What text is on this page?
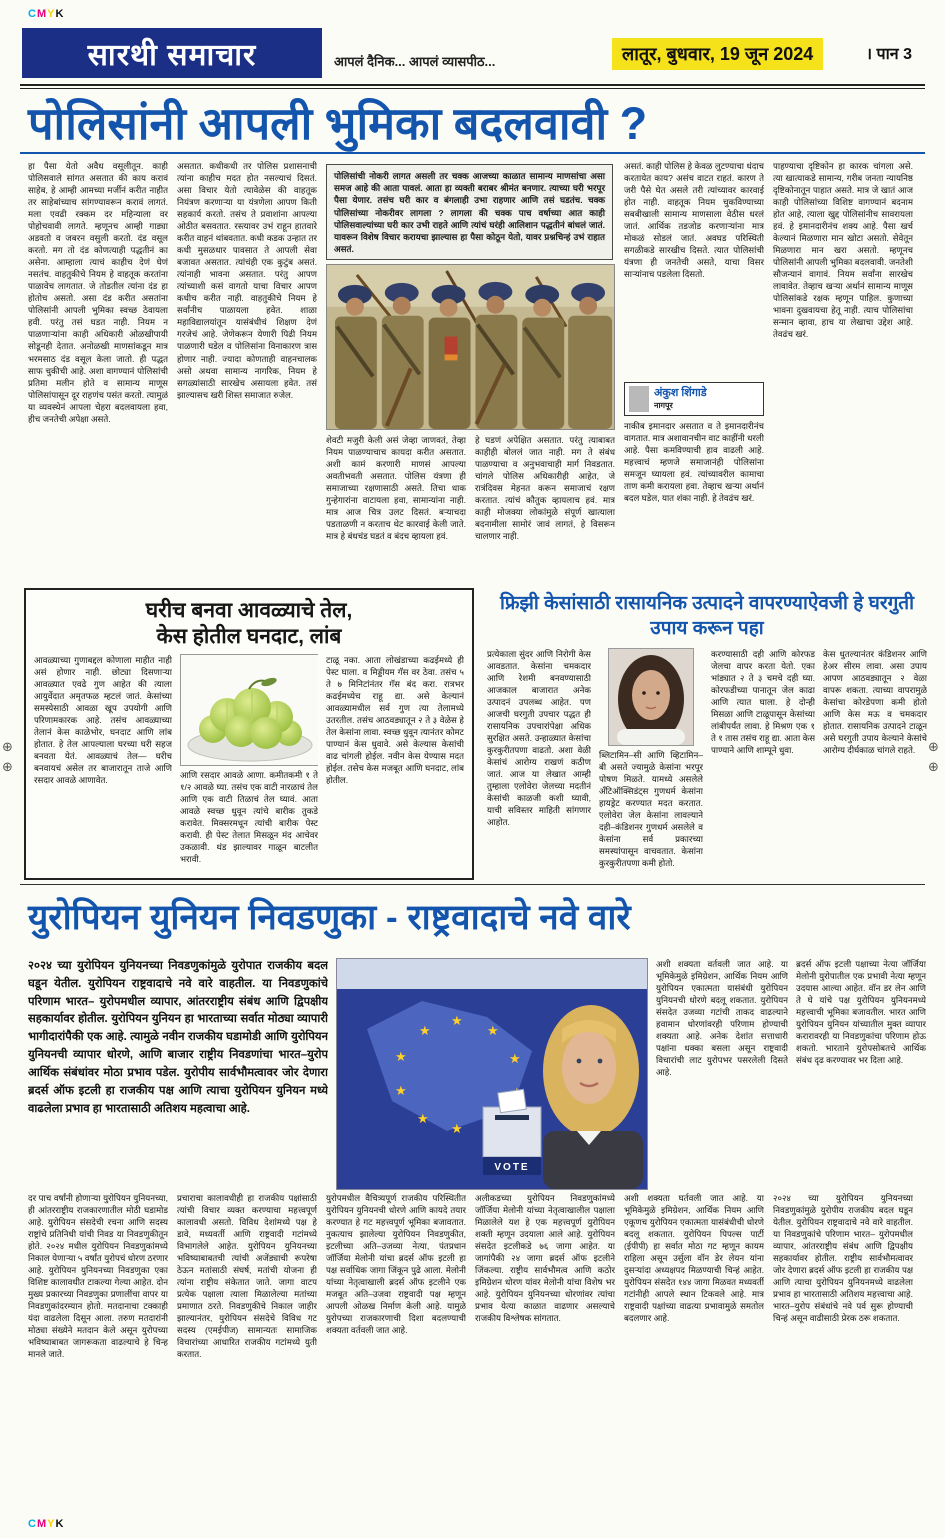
CMYK
⊕
⊕
⊕
⊕
सारथी समाचार	आपलं दैनिक... आपलं व्यासपीठ...	लातूर, बुधवार, 19 जून 2024	। पान 3
पोलिसांनी आपली भुमिका बदलवावी ?
हा पैसा येतो अवैध वसूलीतून. काही पोलिसवाले सांगत असतात की काय करावं साहेब, हे आम्ही आमच्या मर्जीनं करीत नाहीत तर साहेबांच्याच सांगण्यावरून करावं लागतं. मला एवढी रक्कम दर महिन्याला वर पोहोचवावी लागते. म्हणूनच आम्ही गाड्या अडवतो व जबरन वसुली करतो. दंड वसूल करतो. मग तो दंड कोणत्याही पद्धतीनं का असेना. आम्हाला त्याचं काहीच देणं घेणं नसतंच. वाहतुकीचे नियम हे वाहतूक करतांना पाळावेच लागतात. जे तोडतील त्यांना दंड हा होतोच असतो. असा दंड करीत असतांना पोलिसांनी आपली भुमिका स्वच्छ ठेवायला हवी. परंतु तसं घडत नाही. नियम न पाळणाऱ्यांना काही अधिकारी ओळखीपायी सोडूनही देतात. अनोळखी माणसांकडून मात्र भरमसाठ दंड वसूल केला जातो. ही पद्धत साफ चुकीची आहे. अशा वागण्यानं पोलिसांची प्रतिमा मलीन होते व सामान्य माणूस पोलिसांपासून दूर राहणंच पसंत करतो. त्यामुळं या व्यवस्थेनं आपला चेहरा बदलवायला हवा, हीच जनतेची अपेक्षा असते.
असतात. कधीकधी तर पोलिस प्रशासनाची त्यांना काहीच मदत होत नसल्याचं दिसतं. असा विचार येतो त्यावेळेस की वाहतूक नियंत्रण करणाऱ्या या यंत्रणेला आपण किती सहकार्य करतो. तसंच ते प्रवाशांना आपल्या ओठीत बसवतात. रस्त्यावर उभं राहून हातवारे करीत वाहनं थांबवतात. कधी कडक उन्हात तर कधी मुसळधार पावसात ते आपली सेवा बजावत असतात. त्यांचंही एक कुटुंब असतं. त्यांनाही भावना असतात. परंतु आपण त्यांच्याशी कसं वागतो याचा विचार आपण कधीच करीत नाही. वाहतुकीचे नियम हे सर्वांनीच पाळायला हवेत. शाळा महाविद्यालयांतून यासंबंधीचं शिक्षण देणं गरजेचं आहे. जेणेकरून येणारी पिढी नियम पाळणारी घडेल व पोलिसांना विनाकारण त्रास होणार नाही. ज्यादा कोणताही वाहनचालक असो अथवा सामान्य नागरिक, नियम हे सगळ्यांसाठी सारखेच असायला हवेत. तसं झाल्यासच खरी शिस्त समाजात रुजेल.
पोलिसांची नोकरी लागत असली तर चक्क आजच्या काळात सामान्य माणसांचा असा समज आहे की आता पावलं. आता हा व्यक्ती बराबर श्रीमंत बनणार. त्याच्या घरी भरपूर पैसा येणार. तसंच घरी कार व बंगलाही उभा राहणार आणि तसं घडतंच. चक्क पोलिसांच्या नोकरीवर लागला ? लागला की चक्क पाच वर्षाच्या आत काही पोलिसवाल्यांच्या घरी कार उभी राहते आणि त्यांचं घरंही आलिशान पद्धतीनं बांधलं जातं. यावरून विशेष विचार करायचा झाल्यास हा पैसा कोठून येतो, यावर प्रश्नचिन्हं उभं राहात असतं.
शेवटी मजुरी केली असं जेव्हा जाणवतं, तेव्हा नियम पाळण्याचाच कायदा करीत असतात. अशी कामं करणारी माणसं आपल्या अवतीभवती असतात. पोलिस यंत्रणा ही समाजाच्या रक्षणासाठी असते. तिचा धाक गुन्हेगारांना वाटायला हवा, सामान्यांना नाही. मात्र आज चित्र उलट दिसतं. बऱ्याचदा पडताळणी न करताच थेट कारवाई केली जाते. मात्र हे बंधचंड घडतं व बंदच व्हायला हवं.
हे घडणं अपेक्षित असतात. परंतु त्याबाबत काहीही बोललं जात नाही. मग ते संबंध पाळण्याचा व अनुभवाचाही मार्ग निवडतात. चांगले पोलिस अधिकारीही आहेत, जे रात्रंदिवस मेहनत करून समाजाचं रक्षण करतात. त्यांचं कौतुक व्हायलाच हवं. मात्र काही मोजक्या लोकांमुळे संपूर्ण खात्याला बदनामीला सामोरं जावं लागतं, हे विसरून चालणार नाही.
असतं. काही पोलिस हे केवळ लुटण्याचा धंदाच करतायेत काय? असंच वाटत राहतं. कारण ते जरी पैसे घेत असले तरी त्यांच्यावर कारवाई होत नाही. वाहतूक नियम चुकविण्याच्या सबबीखाली सामान्य माणसाला वेठीस धरलं जातं. आर्थिक तडजोड करणाऱ्यांना मात्र मोकळं सोडलं जातं. अवघड परिस्थिती सगळीकडे सारखीच दिसते. त्यात पोलिसांची यंत्रणा ही जनतेची असते, याचा विसर साऱ्यांनाच पडलेला दिसतो.
अंकुश शिंगाडे
नागपूर
नाकीब इमानदार असतात व ते इमानदारीनंच वागतात. मात्र अशावानचीन वाट काहींनी धरली आहे. पैसा कमविण्याची हाव वाढली आहे. महत्त्वाचं म्हणजे समाजानंही पोलिसांना समजून घ्यायला हवं. त्यांच्यावरील कामाचा ताण कमी करायला हवा. तेव्हाच खऱ्या अर्थानं बदल घडेल, यात शंका नाही. हे तेवढंच खरं.
पाहण्याचा दृष्टिकोन हा कारक चांगला असे. त्या खात्याकडे सामान्य, गरीब जनता न्यायनिष्ठ दृष्टिकोनातून पाहात असते. मात्र जे खातं आज काही पोलिसांच्या विशिष्ट वागण्यानं बदनाम होत आहे, त्याला खुद्द पोलिसांनीच सावरायला हवं. हे इमानदारीनंच शक्य आहे. पैसा खर्च केल्यानं मिळणारा मान खोटा असतो. सेवेतून मिळणारा मान खरा असतो. म्हणूनच पोलिसांनी आपली भुमिका बदलवावी. जनतेशी सौजन्यानं वागावं. नियम सर्वांना सारखेच लावावेत. तेव्हाच खऱ्या अर्थानं सामान्य माणूस पोलिसांकडे रक्षक म्हणून पाहिल. कुणाच्या भावना दुखवायचा हेतू नाही. त्याच पोलिसांचा सन्मान व्हावा, हाच या लेखाचा उद्देश आहे. तेवढंच खरं.
घरीच बनवा आवळ्याचे तेल,
केस होतील घनदाट, लांब
आवळ्याच्या गुणाबद्दल कोणाला माहीत नाही असं होणार नाही. छोट्या दिसणाऱ्या आवळ्यात एवढे गुण आहेत की त्याला आयुर्वेदात अमृतफळ म्हटलं जातं. केसांच्या समस्येसाठी आवळा खूप उपयोगी आणि परिणामकारक आहे. तसंच आवळ्याच्या तेलानं केस काळेभोर, घनदाट आणि लांब होतात. हे तेल आपल्याला घरच्या घरी सहज बनवता येतं. आवळ्याचं तेल— घरीच बनवायचं असेल तर बाजारातून ताजे आणि रसदार आवळे आणावेत.
आणि रसदार आवळे आणा. कमीतकमी १ ते १/२ आवळे घ्या. तसंच एक वाटी नारळाचं तेल आणि एक वाटी तिळाचं तेल घ्यावं. आता आवळे स्वच्छ धुवून त्यांचे बारीक तुकडे करावेत. मिक्सरमधून त्यांची बारीक पेस्ट करावी. ही पेस्ट तेलात मिसळून मंद आचेवर उकळावी. थंड झाल्यावर गाळून बाटलीत भरावी.
टाळू नका. आता लोखंडाच्या कढईमध्ये ही पेस्ट घाला. व मिड्डीयम गॅस वर ठेवा. तसंच ५ ते ७ मिनिटांनंतर गॅस बंद करा. रात्रभर कढईमध्येच राहू द्या. असे केल्यानं आवळ्यामधील सर्व गुण त्या तेलामध्ये उतरतील. तसंच आठवड्यातून २ ते ३ वेळेस हे तेल केसांना लावा. स्वच्छ धुवून त्यानंतर कोमट पाण्यानं केस धुवावे. असे केल्यास केसांची वाढ चांगली होईल. नवीन केस येण्यास मदत होईल. तसेच केस मजबूत आणि घनदाट, लांब होतील.
फ्रिझी केसांसाठी रासायनिक उत्पादने वापरण्याऐवजी हे घरगुती उपाय करून पहा
प्रत्येकाला सुंदर आणि निरोगी केस आवडतात. केसांना चमकदार आणि रेशमी बनवण्यासाठी आजकाल बाजारात अनेक उत्पादनं उपलब्ध आहेत. पण आजची घरगुती उपचार पद्धत ही रासायनिक उपचारांपेक्षा अधिक सुरक्षित असते. उन्हाळ्यात केसांचा कुरकुरीतपणा वाढतो. अशा वेळी केसांचं आरोग्य राखणं कठीण जातं. आज या लेखात आम्ही तुम्हाला एलोवेरा जेलच्या मदतीनं केसांची काळजी कशी घ्यावी, याची सविस्तर माहिती सांगणार आहोत.
ब्लिटामिन–सी आणि व्हिटामिन–बी असते ज्यामुळे केसांना भरपूर पोषण मिळते. यामध्ये असलेले अँटिऑक्सिडंट्स गुणधर्म केसांना हायड्रेट करण्यात मदत करतात. एलोवेरा जेल केसांना लावल्याने दही–कंडिशनर गुणधर्म असलेले व केसांना सर्व प्रकारच्या समस्यांपासून वाचवतात. केसांना कुरकुरीतपणा कमी होतो.
करण्यासाठी दही आणि कोरफड जेलचा वापर करता येतो. एका भांड्यात २ ते ३ चमचे दही घ्या. कोरफडीच्या पानातून जेल काढा आणि त्यात घाला. हे दोन्ही मिसळा आणि टाळूपासून केसांच्या लांबीपर्यंत लावा. हे मिश्रण एक १ ते १ तास तसंच राहू द्या. आता केस पाण्याने आणि शाम्पूने धुवा.
केस धुतल्यानंतर कंडिशनर आणि हेअर सीरम लावा. असा उपाय आपण आठवड्यातून २ वेळा वापरू शकता. त्याच्या वापरामुळे केसांचा कोरडेपणा कमी होतो आणि केस मऊ व चमकदार होतात. रासायनिक उत्पादने टाळून असे घरगुती उपाय केल्याने केसांचे आरोग्य दीर्घकाळ चांगले राहते.
युरोपियन युनियन निवडणुका - राष्ट्रवादाचे नवे वारे
२०२४ च्या युरोपियन युनियनच्या निवडणुकांमुळे युरोपात राजकीय बदल घडून येतील. युरोपियन राष्ट्रवादाचे नवे वारे वाहतील. या निवडणुकांचे परिणाम भारत– युरोपमधील व्यापार, आंतरराष्ट्रीय संबंध आणि द्विपक्षीय सहकार्यावर होतील. युरोपियन युनियन हा भारताच्या सर्वात मोठ्या व्यापारी भागीदारांपैकी एक आहे. त्यामुळे नवीन राजकीय घडामोडी आणि युरोपियन युनियनची व्यापार धोरणे, आणि बाजार राष्ट्रीय निवडणांचा भारत–युरोप आर्थिक संबंधांवर मोठा प्रभाव पडेल. युरोपीय सार्वभौमत्वावर जोर देणारा ब्रदर्स ऑफ इटली हा राजकीय पक्ष आणि त्याचा युरोपियन युनियन मध्ये वाढलेला प्रभाव हा भारतासाठी अतिशय महत्वाचा आहे.
★
★
★
★
★
★
★
★
VOTE
अशी शक्यता वर्तवली जात आहे. या भूमिकेमुळे इमिग्रेशन, आर्थिक नियम आणि युरोपियन एकात्मता यासंबंधी युरोपियन युनियनची धोरणे बदलू शकतात. युरोपियन संसदेत उजव्या गटांची ताकद वाढल्याने हवामान धोरणांवरही परिणाम होण्याची शक्यता आहे. अनेक देशांत सत्ताधारी पक्षांना धक्का बसला असून राष्ट्रवादी विचारांची लाट युरोपभर पसरलेली दिसते आहे.
ब्रदर्स ऑफ इटली पक्षाच्या नेत्या जॉर्जिया मेलोनी युरोपातील एक प्रभावी नेत्या म्हणून उदयास आल्या आहेत. वॉन डर लेन आणि ते घे यांचे पक्ष युरोपियन युनियनमध्ये महत्त्वाची भूमिका बजावतील. भारत आणि युरोपियन युनियन यांच्यातील मुक्त व्यापार करारावरही या निवडणुकांचा परिणाम होऊ शकतो. भारताने युरोपसोबतचे आर्थिक संबंध दृढ करण्यावर भर दिला आहे.
दर पाच वर्षांनी होणाऱ्या युरोपियन युनियनच्या, ही आंतरराष्ट्रीय राजकारणातील मोठी घडामोड आहे. युरोपियन संसदेची रचना आणि सदस्य राष्ट्रांचे प्रतिनिधी यांची निवड या निवडणुकीतून होते. २०२४ मधील युरोपियन निवडणुकांमध्ये निकाल येणाऱ्या ५ वर्षांत युरोपचं धोरण ठरणार आहे. युरोपियन युनियनच्या निवडणुका एका विशिष्ट कालावधीत टाकल्या गेल्या आहेत. दोन मुख्य प्रकारच्या निवडणुका प्रणालींचा वापर या निवडणुकांदरम्यान होतो. मतदानाचा टक्काही यंदा वाढलेला दिसून आला. तरुण मतदारांनी मोठ्या संख्येने मतदान केले असून युरोपच्या भविष्याबाबत जागरूकता वाढल्याचे हे चिन्ह मानले जाते.
प्रचाराचा कालावधीही हा राजकीय पक्षांसाठी त्यांची विचार व्यक्त करण्याचा महत्त्वपूर्ण कालावधी असतो. विविध देशांमध्ये पक्ष हे डावे, मध्यवर्ती आणि राष्ट्रवादी गटांमध्ये विभागलेले आहेत. युरोपियन युनियनच्या भविष्याबाबतची त्यांची अजेंड्याची रूपरेषा ठेऊन मतांसाठी संघर्ष, मतांची योजना ही त्यांना राष्ट्रीय संकेतात जाते. जागा वाटप प्रत्येक पक्षाला त्याला मिळालेल्या मतांच्या प्रमाणात ठरते. निवडणुकीचे निकाल जाहीर झाल्यानंतर, युरोपियन संसदेचे विविध गट सदस्य (एमईपीज) सामान्यतः सामाजिक विचारांच्या आधारित राजकीय गटांमध्ये युती करतात.
युरोपमधील वैचित्र्यपूर्ण राजकीय परिस्थितीत युरोपियन युनियनची धोरणे आणि कायदे तयार करण्यात हे गट महत्त्वपूर्ण भूमिका बजावतात. नुकत्याच झालेल्या युरोपियन निवडणुकीत, इटलीच्या अति–उजव्या नेत्या, पंतप्रधान जॉर्जिया मेलोनी यांचा ब्रदर्स ऑफ इटली हा पक्ष सर्वाधिक जागा जिंकून पुढे आला. मेलोनी यांच्या नेतृत्वाखाली ब्रदर्स ऑफ इटलीने एक मजबूत अति–उजवा राष्ट्रवादी पक्ष म्हणून आपली ओळख निर्माण केली आहे. यामुळे युरोपच्या राजकारणाची दिशा बदलण्याची शक्यता वर्तवली जात आहे.
अलीकडच्या युरोपियन निवडणुकांमध्ये जॉर्जिया मेलोनी यांच्या नेतृत्वाखालील पक्षाला मिळालेले यश हे एक महत्त्वपूर्ण युरोपियन शक्ती म्हणून उदयाला आले आहे. युरोपियन संसदेत इटलीकडे ७६ जागा आहेत. या जागांपैकी २४ जागा ब्रदर्स ऑफ इटलीने जिंकल्या. राष्ट्रीय सार्वभौमत्व आणि कठोर इमिग्रेशन धोरण यांवर मेलोनी यांचा विशेष भर आहे. युरोपियन युनियनच्या धोरणांवर त्यांचा प्रभाव येत्या काळात वाढणार असल्याचे राजकीय विश्लेषक सांगतात.
अशी शक्यता घर्तवली जात आहे. या भूमिकेमुळे इमिग्रेशन, आर्थिक नियम आणि एकूणच युरोपियन एकात्मता यासंबंधीची धोरणे बदलू शकतात. युरोपियन पिपल्स पार्टी (ईपीपी) हा सर्वात मोठा गट म्हणून कायम राहिला असून उर्सुला वॉन डेर लेयन यांना दुसऱ्यांदा अध्यक्षपद मिळण्याची चिन्हं आहेत. युरोपियन संसदेत १४४ जागा मिळवत मध्यवर्ती गटांनीही आपले स्थान टिकवले आहे. मात्र राष्ट्रवादी पक्षांच्या वाढत्या प्रभावामुळे समतोल बदलणार आहे.
२०२४ च्या युरोपियन युनियनच्या निवडणुकांमुळे युरोपीय राजकीय बदल घडून येतील. युरोपियन राष्ट्रवादाचे नवे वारे वाहतील. या निवडणुकांचे परिणाम भारत– युरोपमधील व्यापार, आंतरराष्ट्रीय संबंध आणि द्विपक्षीय सहकार्यावर होतील. राष्ट्रीय सार्वभौमत्वावर जोर देणारा ब्रदर्स ऑफ इटली हा राजकीय पक्ष आणि त्याचा युरोपियन युनियनमध्ये वाढलेला प्रभाव हा भारतासाठी अतिशय महत्त्वाचा आहे. भारत–युरोप संबंधांचे नवे पर्व सुरू होण्याची चिन्हं असून वाढीसाठी प्रेरक ठरू शकतात.
CMYK
